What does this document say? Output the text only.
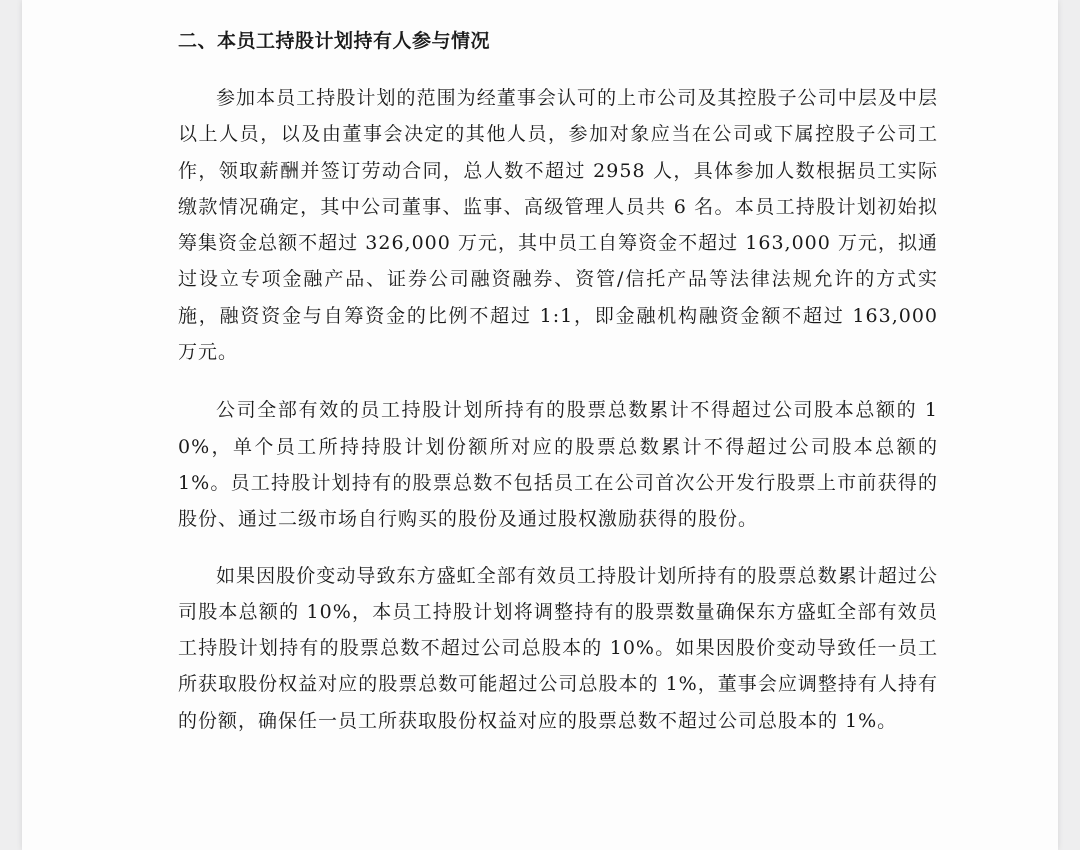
二、本员工持股计划持有人参与情况

参加本员工持股计划的范围为经董事会认可的上市公司及其控股子公司中层及中层以上人员，以及由董事会决定的其他人员，参加对象应当在公司或下属控股子公司工作，领取薪酬并签订劳动合同，总人数不超过 2958 人，具体参加人数根据员工实际缴款情况确定，其中公司董事、监事、高级管理人员共 6 名。本员工持股计划初始拟筹集资金总额不超过 326,000 万元，其中员工自筹资金不超过 163,000 万元，拟通过设立专项金融产品、证券公司融资融券、资管/信托产品等法律法规允许的方式实施，融资资金与自筹资金的比例不超过 1:1，即金融机构融资金额不超过 163,000 万元。

公司全部有效的员工持股计划所持有的股票总数累计不得超过公司股本总额的 10%，单个员工所持持股计划份额所对应的股票总数累计不得超过公司股本总额的 1%。员工持股计划持有的股票总数不包括员工在公司首次公开发行股票上市前获得的股份、通过二级市场自行购买的股份及通过股权激励获得的股份。

如果因股价变动导致东方盛虹全部有效员工持股计划所持有的股票总数累计超过公司股本总额的 10%，本员工持股计划将调整持有的股票数量确保东方盛虹全部有效员工持股计划持有的股票总数不超过公司总股本的 10%。如果因股价变动导致任一员工所获取股份权益对应的股票总数可能超过公司总股本的 1%，董事会应调整持有人持有的份额，确保任一员工所获取股份权益对应的股票总数不超过公司总股本的 1%。
